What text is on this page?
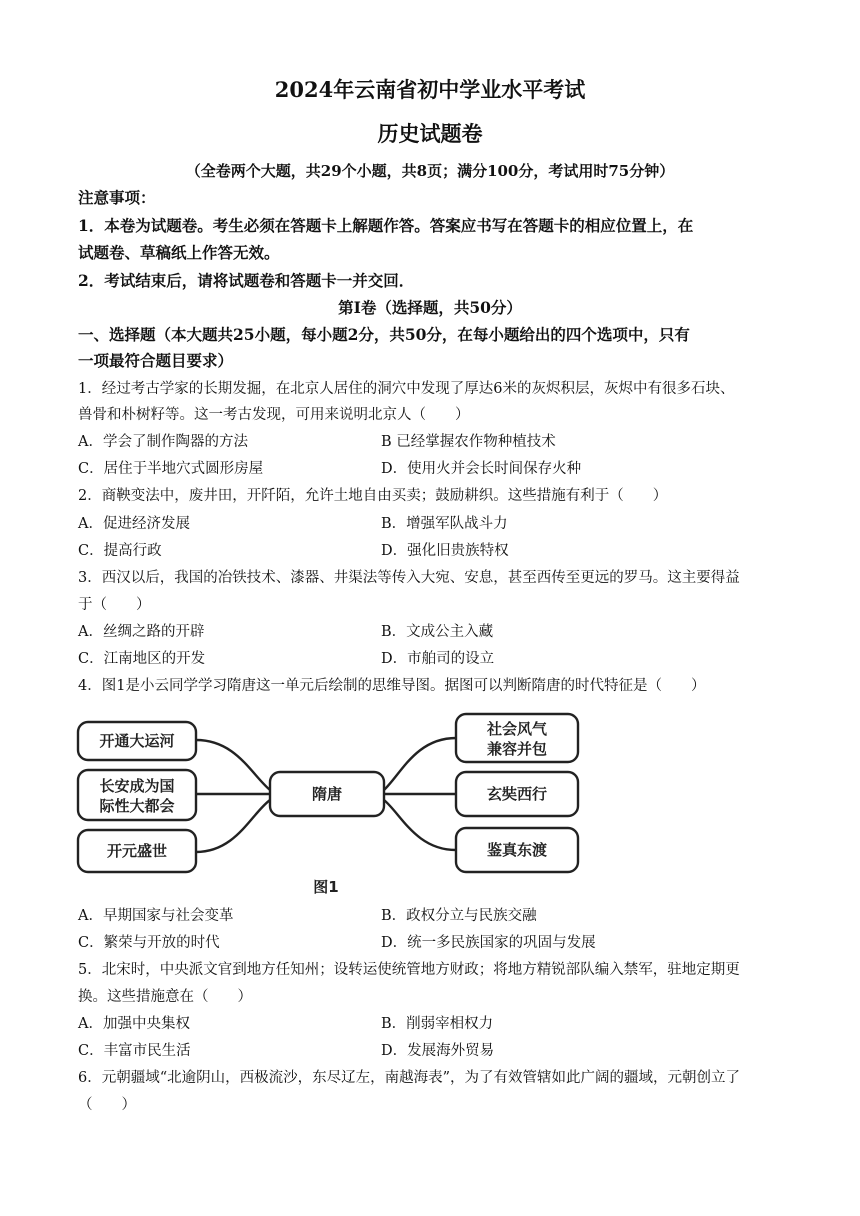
2024年云南省初中学业水平考试
历史试题卷
（全卷两个大题，共29个小题，共8页；满分100分，考试用时75分钟）
注意事项：
1．本卷为试题卷。考生必须在答题卡上解题作答。答案应书写在答题卡的相应位置上，在
试题卷、草稿纸上作答无效。
2．考试结束后，请将试题卷和答题卡一并交回．
第Ⅰ卷（选择题，共50分）
一、选择题（本大题共25小题，每小题2分，共50分，在每小题给出的四个选项中，只有
一项最符合题目要求）
1．经过考古学家的长期发掘，在北京人居住的洞穴中发现了厚达6米的灰烬积层，灰烬中有很多石块、
兽骨和朴树籽等。这一考古发现，可用来说明北京人（　　）
A．学会了制作陶器的方法	B 已经掌握农作物种植技术
C．居住于半地穴式圆形房屋	D．使用火并会长时间保存火种
2．商鞅变法中，废井田，开阡陌，允许土地自由买卖；鼓励耕织。这些措施有利于（　　）
A．促进经济发展	B．增强军队战斗力
C．提高行政	D．强化旧贵族特权
3．西汉以后，我国的冶铁技术、漆器、井渠法等传入大宛、安息，甚至西传至更远的罗马。这主要得益
于（　　）
A．丝绸之路的开辟	B．文成公主入藏
C．江南地区的开发	D．市舶司的设立
4．图1是小云同学学习隋唐这一单元后绘制的思维导图。据图可以判断隋唐的时代特征是（　　）
开通大运河
长安成为国
际性大都会
开元盛世
隋唐
社会风气
兼容并包
玄奘西行
鉴真东渡
图1
A．早期国家与社会变革	B．政权分立与民族交融
C．繁荣与开放的时代	D．统一多民族国家的巩固与发展
5．北宋时，中央派文官到地方任知州；设转运使统管地方财政；将地方精锐部队编入禁军，驻地定期更
换。这些措施意在（　　）
A．加强中央集权	B．削弱宰相权力
C．丰富市民生活	D．发展海外贸易
6．元朝疆域“北逾阴山，西极流沙，东尽辽左，南越海表”，为了有效管辖如此广阔的疆域，元朝创立了
（　　）
